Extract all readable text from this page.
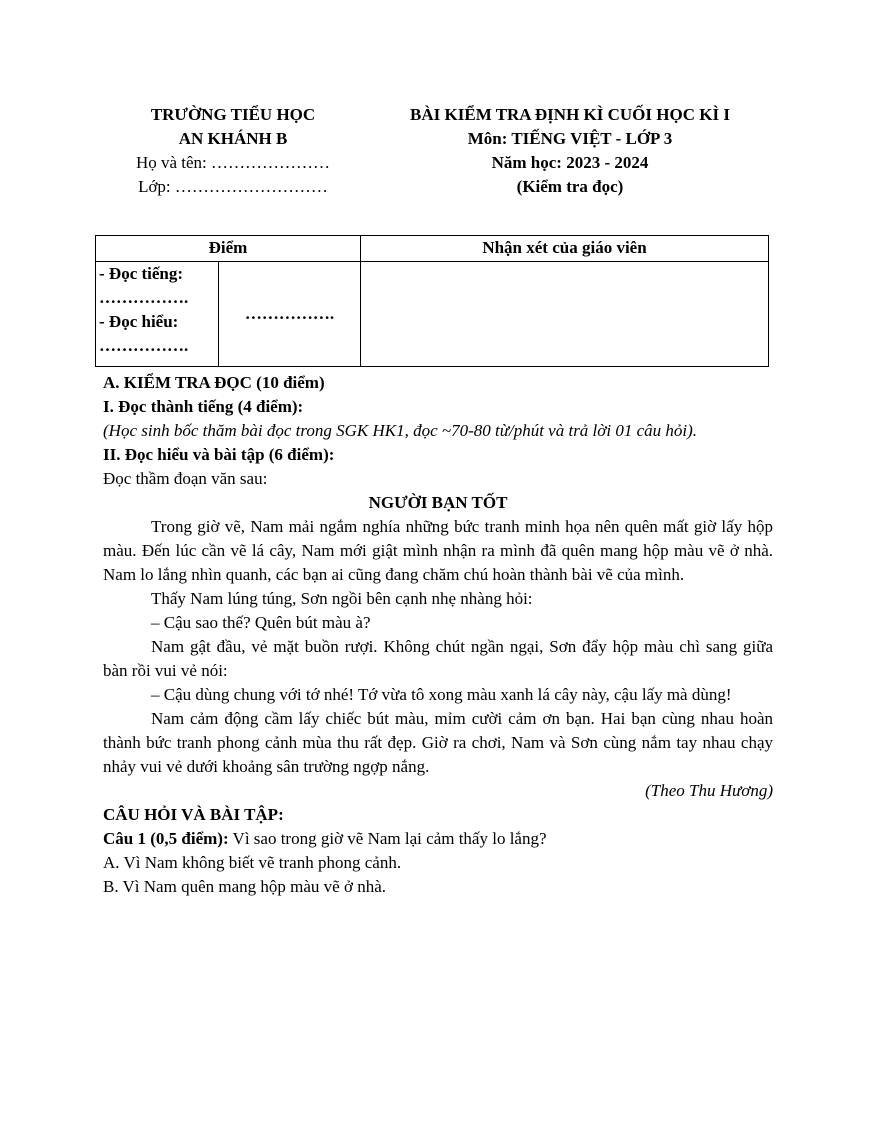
TRƯỜNG TIỂU HỌC
AN KHÁNH B
Họ và tên: …………………
Lớp: ………………………
BÀI KIỂM TRA ĐỊNH KÌ CUỐI HỌC KÌ I
Môn: TIẾNG VIỆT - LỚP 3
Năm học: 2023 - 2024
(Kiểm tra đọc)
Điểm		Nhận xét của giáo viên

- Đọc tiếng:
…………….
- Đọc hiểu:
…………….	…………….	

A. KIỂM TRA ĐỌC (10 điểm)

I. Đọc thành tiếng (4 điểm):

(Học sinh bốc thăm bài đọc trong SGK HK1, đọc ~70-80 từ/phút và trả lời 01 câu hỏi).

II. Đọc hiểu và bài tập (6 điểm):

Đọc thầm đoạn văn sau:

NGƯỜI BẠN TỐT

Trong giờ vẽ, Nam mải ngắm nghía những bức tranh minh họa nên quên mất giờ lấy hộp màu. Đến lúc cần vẽ lá cây, Nam mới giật mình nhận ra mình đã quên mang hộp màu vẽ ở nhà. Nam lo lắng nhìn quanh, các bạn ai cũng đang chăm chú hoàn thành bài vẽ của mình.

Thấy Nam lúng túng, Sơn ngồi bên cạnh nhẹ nhàng hỏi:

– Cậu sao thế? Quên bút màu à?

Nam gật đầu, vẻ mặt buồn rượi. Không chút ngần ngại, Sơn đẩy hộp màu chì sang giữa bàn rồi vui vẻ nói:

– Cậu dùng chung với tớ nhé! Tớ vừa tô xong màu xanh lá cây này, cậu lấy mà dùng!

Nam cảm động cầm lấy chiếc bút màu, mỉm cười cảm ơn bạn. Hai bạn cùng nhau hoàn thành bức tranh phong cảnh mùa thu rất đẹp. Giờ ra chơi, Nam và Sơn cùng nắm tay nhau chạy nhảy vui vẻ dưới khoảng sân trường ngợp nắng.

(Theo Thu Hương)

CÂU HỎI VÀ BÀI TẬP:

Câu 1 (0,5 điểm): Vì sao trong giờ vẽ Nam lại cảm thấy lo lắng?

A. Vì Nam không biết vẽ tranh phong cảnh.

B. Vì Nam quên mang hộp màu vẽ ở nhà.
